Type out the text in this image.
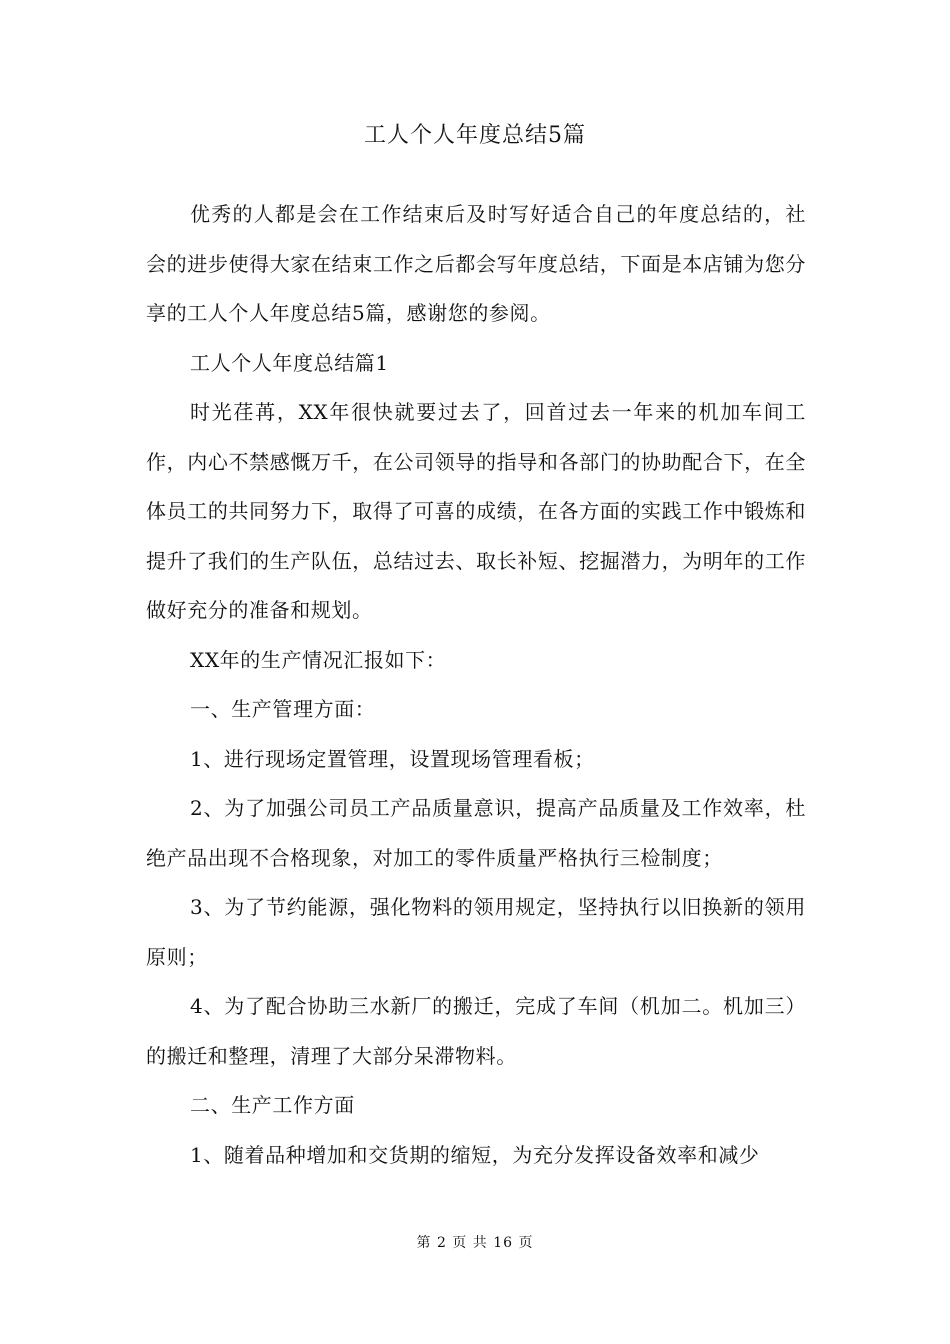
工人个人年度总结5篇

优秀的人都是会在工作结束后及时写好适合自己的年度总结的，社会的进步使得大家在结束工作之后都会写年度总结，下面是本店铺为您分享的工人个人年度总结5篇，感谢您的参阅。

工人个人年度总结篇1

时光荏苒，XX年很快就要过去了，回首过去一年来的机加车间工作，内心不禁感慨万千，在公司领导的指导和各部门的协助配合下，在全体员工的共同努力下，取得了可喜的成绩，在各方面的实践工作中锻炼和提升了我们的生产队伍，总结过去、取长补短、挖掘潜力，为明年的工作做好充分的准备和规划。

XX年的生产情况汇报如下：

一、生产管理方面：

1、进行现场定置管理，设置现场管理看板；

2、为了加强公司员工产品质量意识，提高产品质量及工作效率，杜绝产品出现不合格现象，对加工的零件质量严格执行三检制度；

3、为了节约能源，强化物料的领用规定，坚持执行以旧换新的领用原则；

4、为了配合协助三水新厂的搬迁，完成了车间（机加二。机加三）的搬迁和整理，清理了大部分呆滞物料。

二、生产工作方面

1、随着品种增加和交货期的缩短，为充分发挥设备效率和减少

第 2 页 共 16 页
